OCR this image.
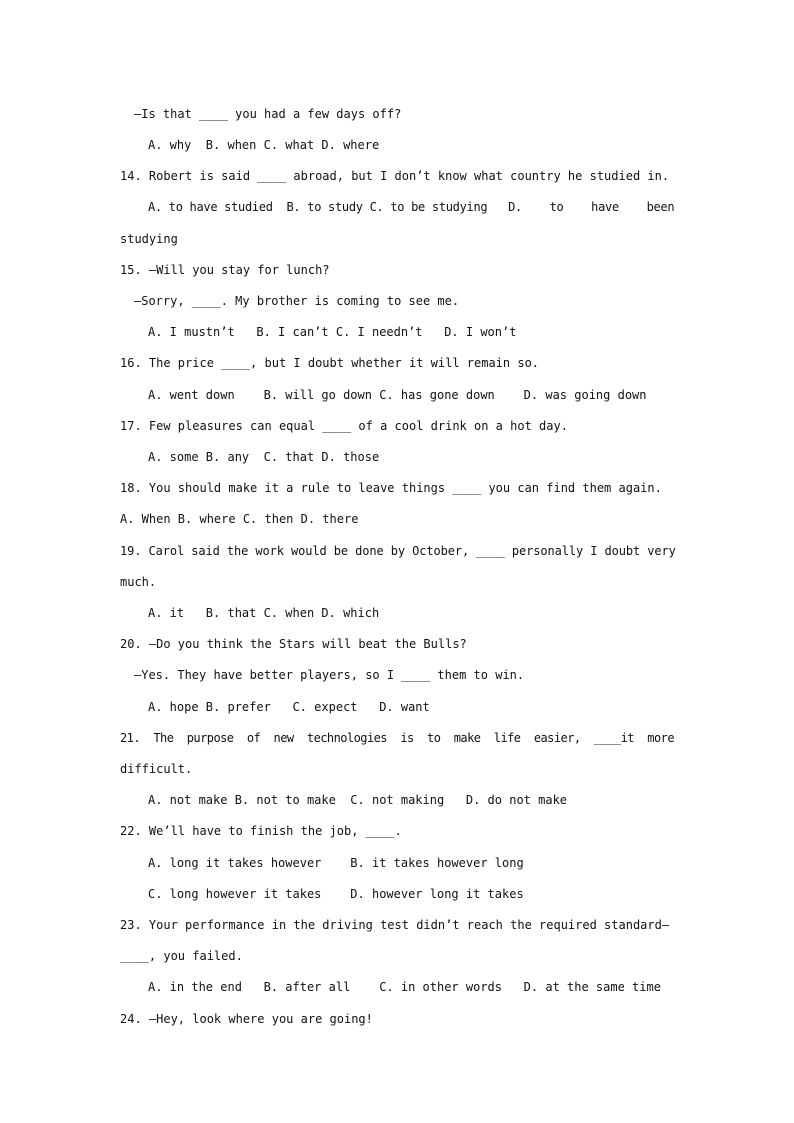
—Is that ____ you had a few days off?
A. why  B. when C. what D. where
14. Robert is said ____ abroad, but I don’t know what country he studied in.
A. to have studied  B. to study C. to be studying   D.    to    have    been
studying
15. —Will you stay for lunch?
—Sorry, ____. My brother is coming to see me.
A. I mustn’t   B. I can’t C. I needn’t   D. I won’t
16. The price ____, but I doubt whether it will remain so.
A. went down    B. will go down C. has gone down    D. was going down
17. Few pleasures can equal ____ of a cool drink on a hot day.
A. some B. any  C. that D. those
18. You should make it a rule to leave things ____ you can find them again.
A. When B. where C. then D. there
19. Carol said the work would be done by October, ____ personally I doubt very
much.
A. it   B. that C. when D. which
20. —Do you think the Stars will beat the Bulls?
—Yes. They have better players, so I ____ them to win.
A. hope B. prefer   C. expect   D. want
21.  The  purpose  of  new  technologies  is  to  make  life  easier,  ____it  more
difficult.
A. not make B. not to make  C. not making   D. do not make
22. We’ll have to finish the job, ____.
A. long it takes however    B. it takes however long
C. long however it takes    D. however long it takes
23. Your performance in the driving test didn’t reach the required standard—
____, you failed.
A. in the end   B. after all    C. in other words   D. at the same time
24. —Hey, look where you are going!
